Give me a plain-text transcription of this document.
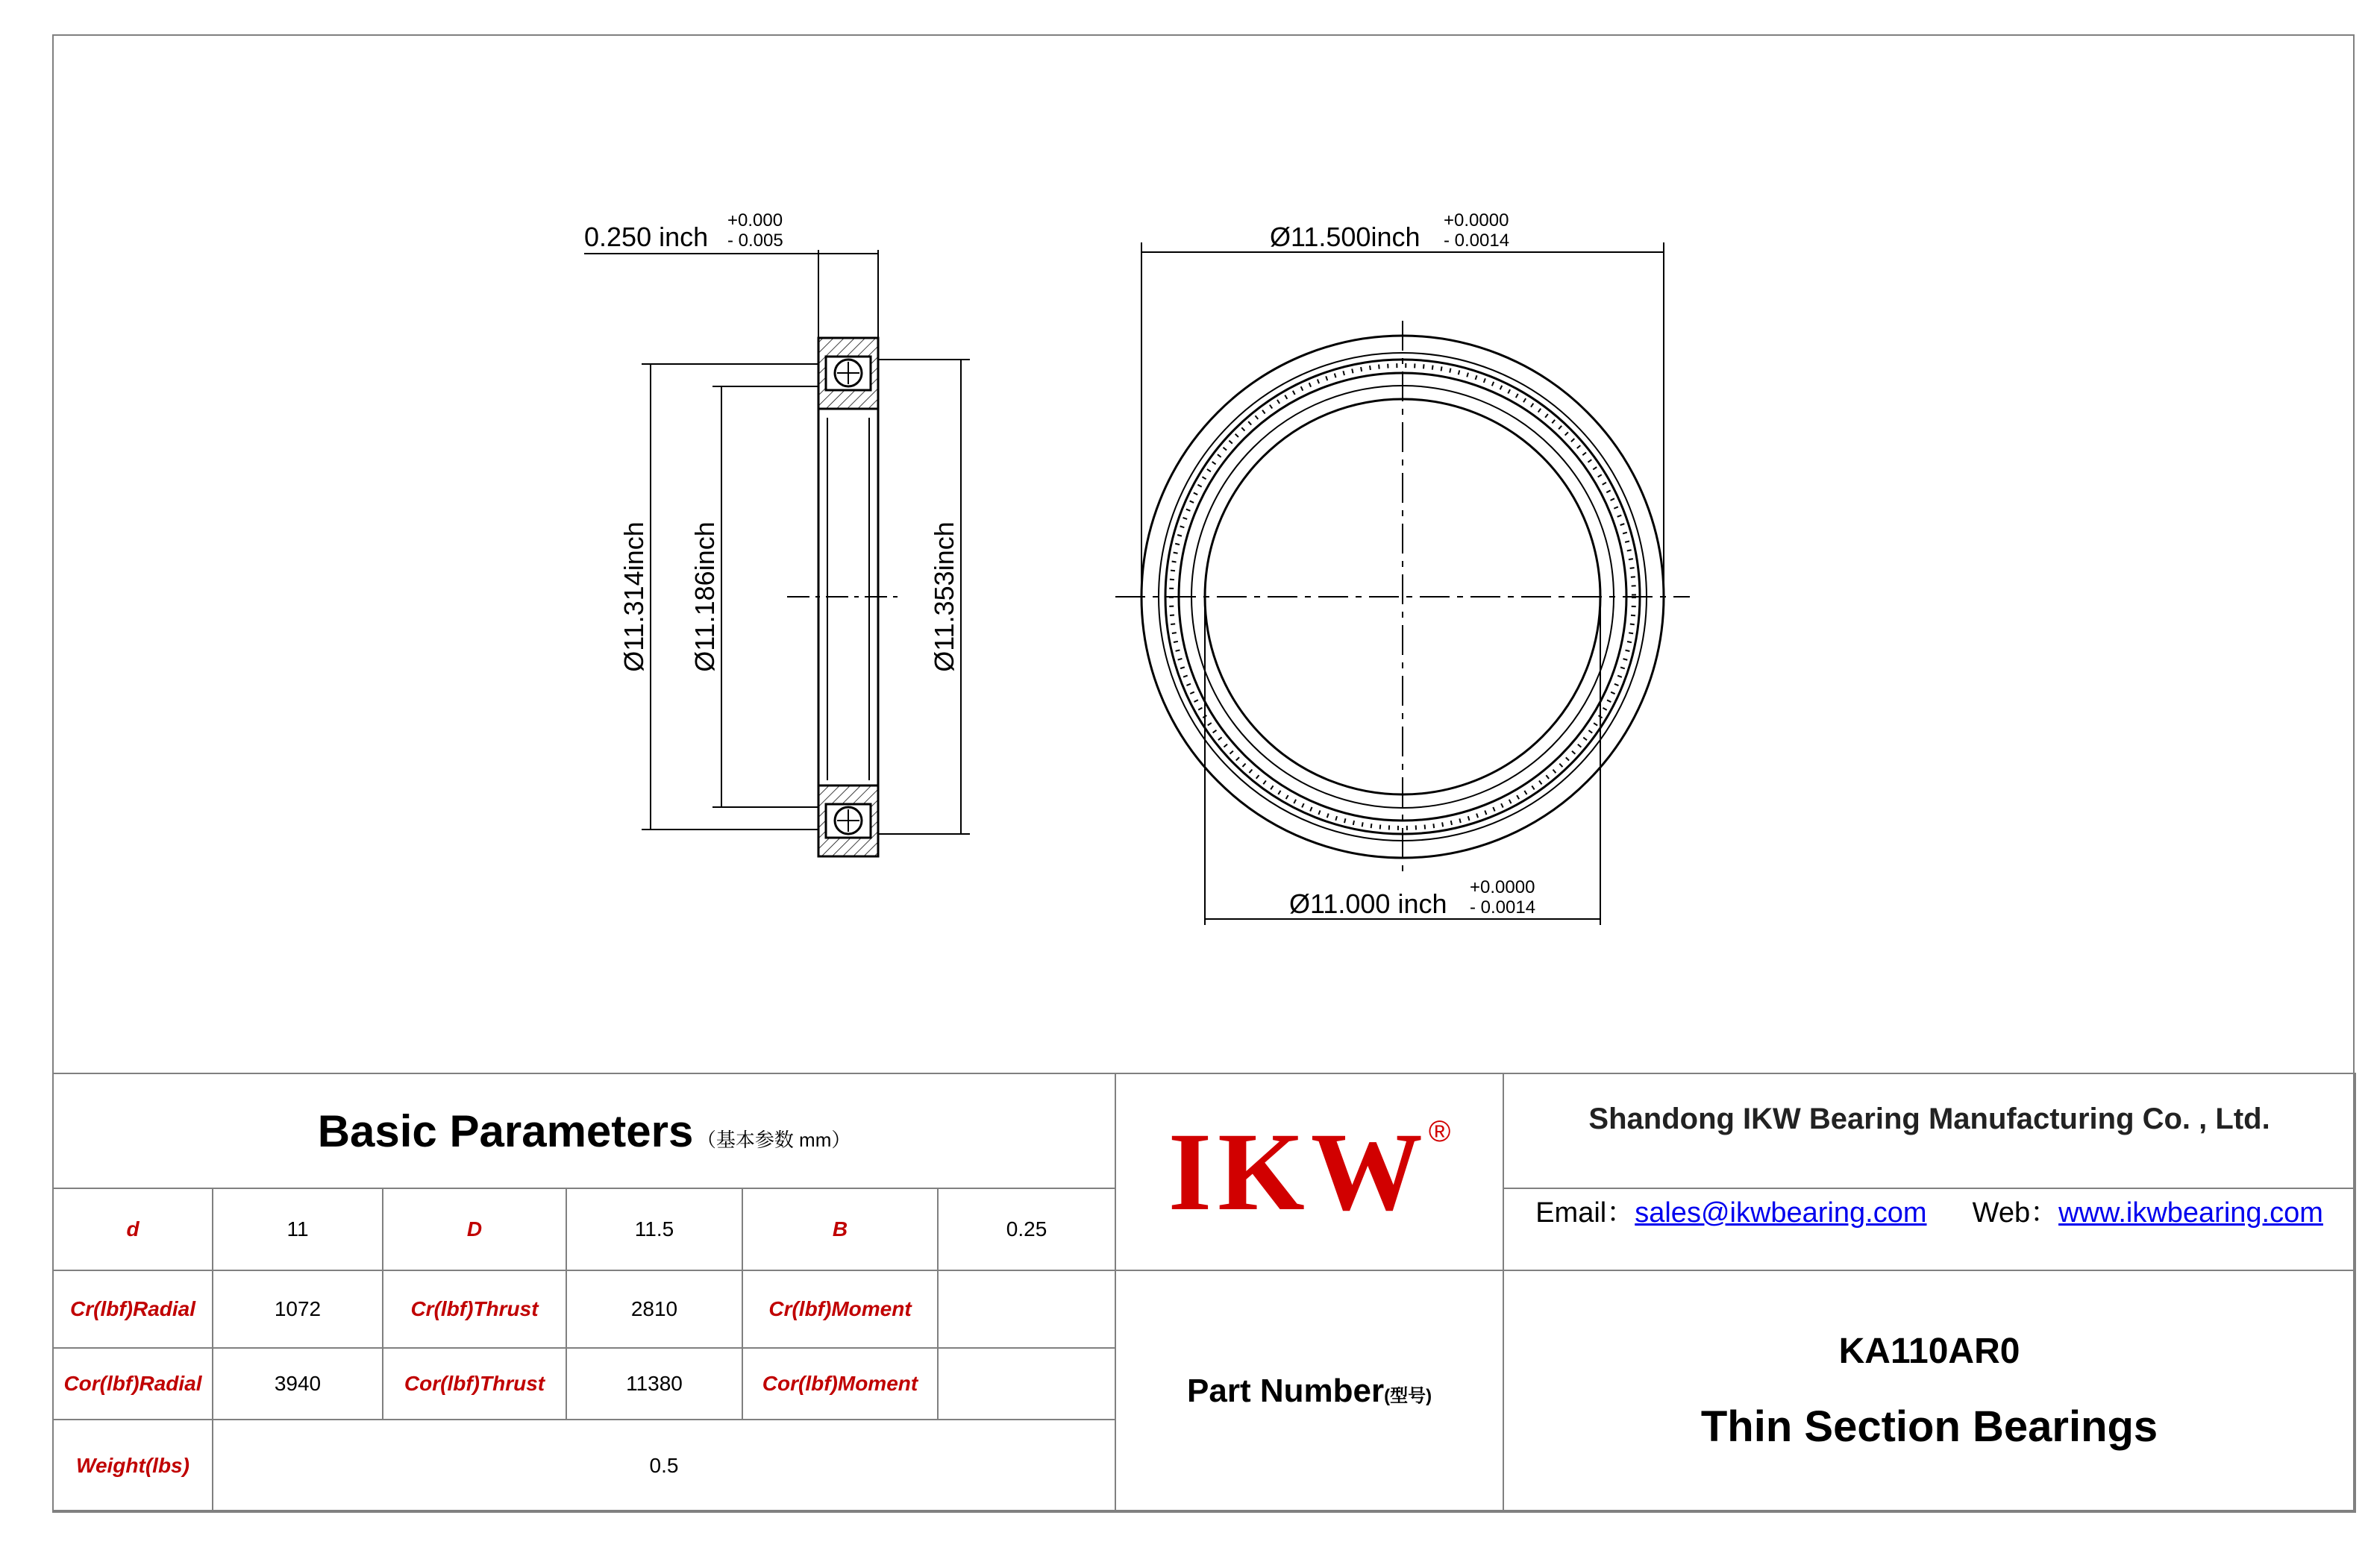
0.250 inch
+0.000
- 0.005
Ø11.314inch Ø11.186inch	Ø11.353inch
Ø11.500inch
+0.0000
- 0.0014
Ø11.000 inch
+0.0000
- 0.0014
Basic Parameters （基本参数 mm）						IKW®	Shandong IKW Bearing Manufacturing Co. , Ltd.
d	11	D	11.5	B	0.25		Email：sales@ikwbearing.com Web：www.ikwbearing.com
Cr(lbf)Radial	1072	Cr(lbf)Thrust	2810	Cr(lbf)Moment		Part Number(型号)	KA110AR0
Thin Section Bearings

Cor(lbf)Radial	3940	Cor(lbf)Thrust	11380	Cor(lbf)Moment			
Weight(lbs)	0.5						
